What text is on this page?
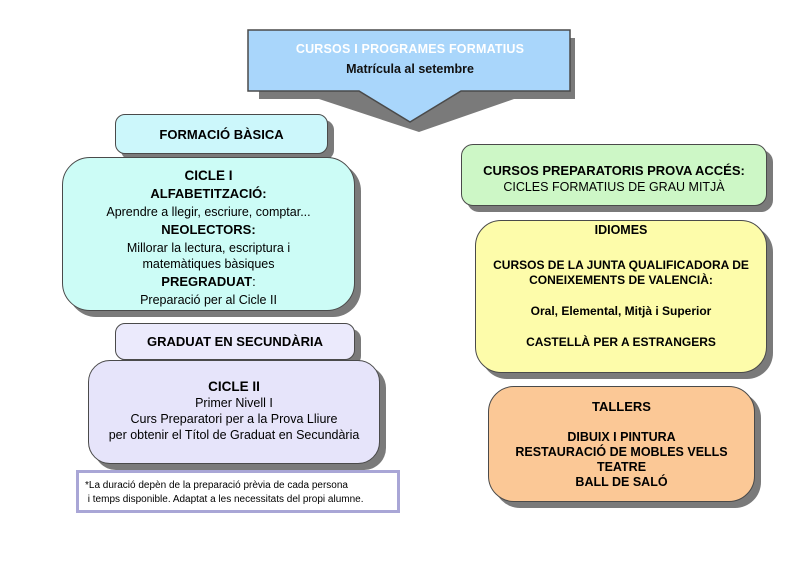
CURSOS I PROGRAMES FORMATIUS
Matrícula al setembre
FORMACIÓ BÀSICA
CICLE I
ALFABETITZACIÓ:
Aprendre a llegir, escriure, comptar...
NEOLECTORS:
Millorar la lectura, escriptura i
matemàtiques bàsiques
PREGRADUAT:
Preparació per al Cicle II
GRADUAT EN SECUNDÀRIA
CICLE II
Primer Nivell I
Curs Preparatori per a la Prova Lliure
per obtenir el Títol de Graduat en Secundària
*La duració depèn de la preparació prèvia de cada persona
i temps disponible. Adaptat a les necessitats del propi alumne.
CURSOS PREPARATORIS PROVA ACCÉS:
CICLES FORMATIUS DE GRAU MITJÀ
IDIOMES
CURSOS DE LA JUNTA QUALIFICADORA DE
CONEIXEMENTS DE VALENCIÀ:
Oral, Elemental, Mitjà i Superior
CASTELLÀ PER A ESTRANGERS
TALLERS
DIBUIX I PINTURA
RESTAURACIÓ DE MOBLES VELLS
TEATRE
BALL DE SALÓ
